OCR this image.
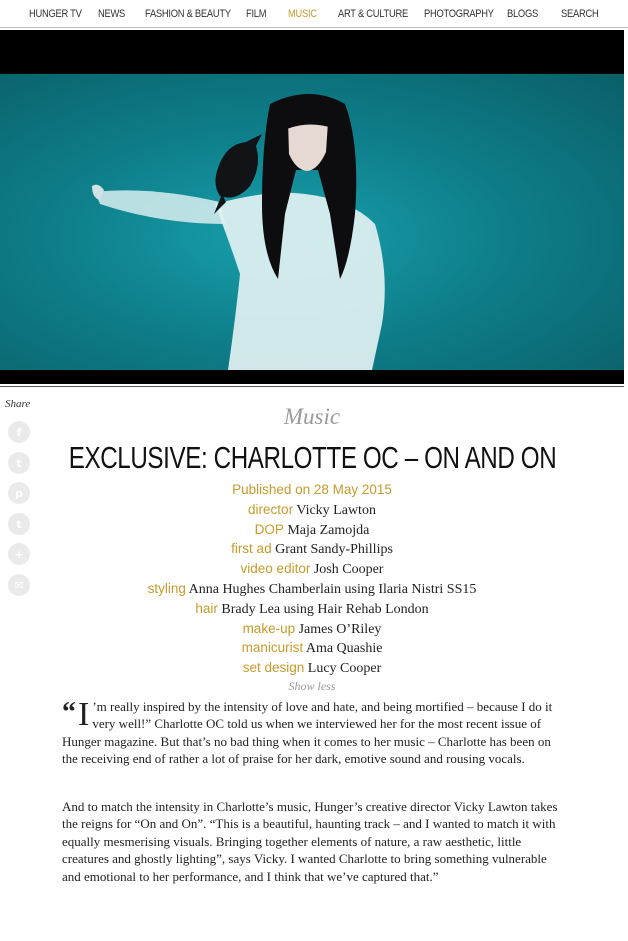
HUNGER TV NEWS FASHION & BEAUTY FILM MUSIC ART & CULTURE PHOTOGRAPHY BLOGS SEARCH
Share
f
t
p
t
+
✉
Music
EXCLUSIVE: CHARLOTTE OC – ON AND ON
Published on 28 May 2015
director Vicky Lawton
DOP Maja Zamojda
first ad Grant Sandy-Phillips
video editor Josh Cooper
styling Anna Hughes Chamberlain using Ilaria Nistri SS15
hair Brady Lea using Hair Rehab London
make-up James O’Riley
manicurist Ama Quashie
set design Lucy Cooper
Show less
“ I ’m really inspired by the intensity of love and hate, and being mortified – because I do it very well!” Charlotte OC told us when we interviewed her for the most recent issue of Hunger magazine. But that’s no bad thing when it comes to her music – Charlotte has been on the receiving end of rather a lot of praise for her dark, emotive sound and rousing vocals.
And to match the intensity in Charlotte’s music, Hunger’s creative director Vicky Lawton takes the reigns for “On and On”. “This is a beautiful, haunting track – and I wanted to match it with equally mesmerising visuals. Bringing together elements of nature, a raw aesthetic, little creatures and ghostly lighting”, says Vicky. I wanted Charlotte to bring something vulnerable and emotional to her performance, and I think that we’ve captured that.”
